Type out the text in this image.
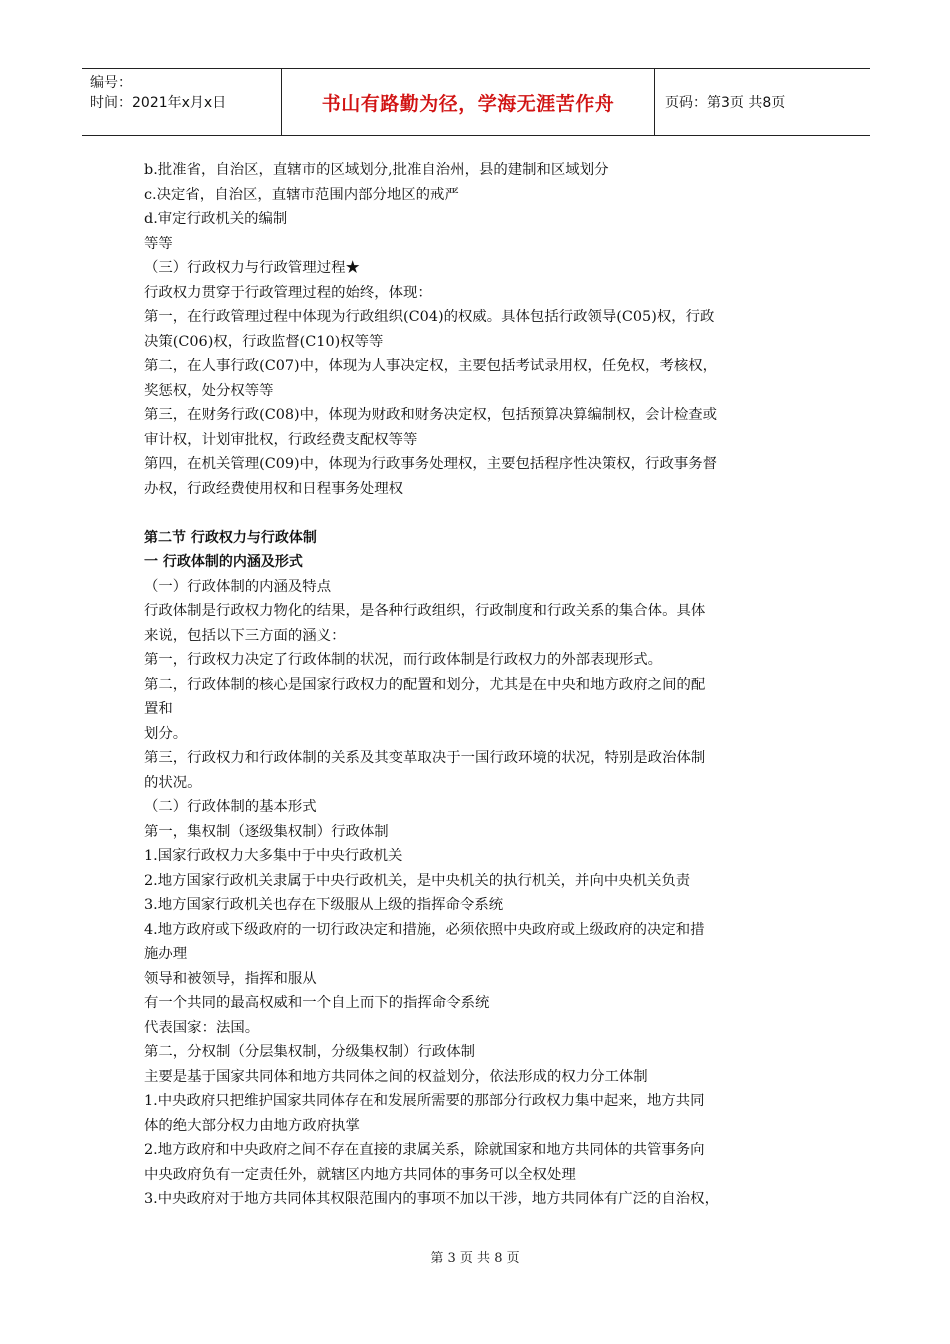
编号：
时间：2021年x月x日	书山有路勤为径，学海无涯苦作舟	页码：第3页 共8页
b.批准省，自治区，直辖市的区域划分,批准自治州，县的建制和区域划分
c.决定省，自治区，直辖市范围内部分地区的戒严
d.审定行政机关的编制
等等
（三）行政权力与行政管理过程★
行政权力贯穿于行政管理过程的始终，体现：
第一，在行政管理过程中体现为行政组织(C04)的权威。具体包括行政领导(C05)权，行政
决策(C06)权，行政监督(C10)权等等
第二，在人事行政(C07)中，体现为人事决定权，主要包括考试录用权，任免权，考核权，
奖惩权，处分权等等
第三，在财务行政(C08)中，体现为财政和财务决定权，包括预算决算编制权，会计检查或
审计权，计划审批权，行政经费支配权等等
第四，在机关管理(C09)中，体现为行政事务处理权，主要包括程序性决策权，行政事务督
办权，行政经费使用权和日程事务处理权
第二节 行政权力与行政体制
一 行政体制的内涵及形式
（一）行政体制的内涵及特点
行政体制是行政权力物化的结果，是各种行政组织，行政制度和行政关系的集合体。具体
来说，包括以下三方面的涵义：
第一，行政权力决定了行政体制的状况，而行政体制是行政权力的外部表现形式。
第二，行政体制的核心是国家行政权力的配置和划分，尤其是在中央和地方政府之间的配
置和
划分。
第三，行政权力和行政体制的关系及其变革取决于一国行政环境的状况，特别是政治体制
的状况。
（二）行政体制的基本形式
第一，集权制（逐级集权制）行政体制
1.国家行政权力大多集中于中央行政机关
2.地方国家行政机关隶属于中央行政机关，是中央机关的执行机关，并向中央机关负责
3.地方国家行政机关也存在下级服从上级的指挥命令系统
4.地方政府或下级政府的一切行政决定和措施，必须依照中央政府或上级政府的决定和措
施办理
领导和被领导，指挥和服从
有一个共同的最高权威和一个自上而下的指挥命令系统
代表国家：法国。
第二，分权制（分层集权制，分级集权制）行政体制
主要是基于国家共同体和地方共同体之间的权益划分，依法形成的权力分工体制
1.中央政府只把维护国家共同体存在和发展所需要的那部分行政权力集中起来，地方共同
体的绝大部分权力由地方政府执掌
2.地方政府和中央政府之间不存在直接的隶属关系，除就国家和地方共同体的共管事务向
中央政府负有一定责任外，就辖区内地方共同体的事务可以全权处理
3.中央政府对于地方共同体其权限范围内的事项不加以干涉，地方共同体有广泛的自治权，
第 3 页 共 8 页
